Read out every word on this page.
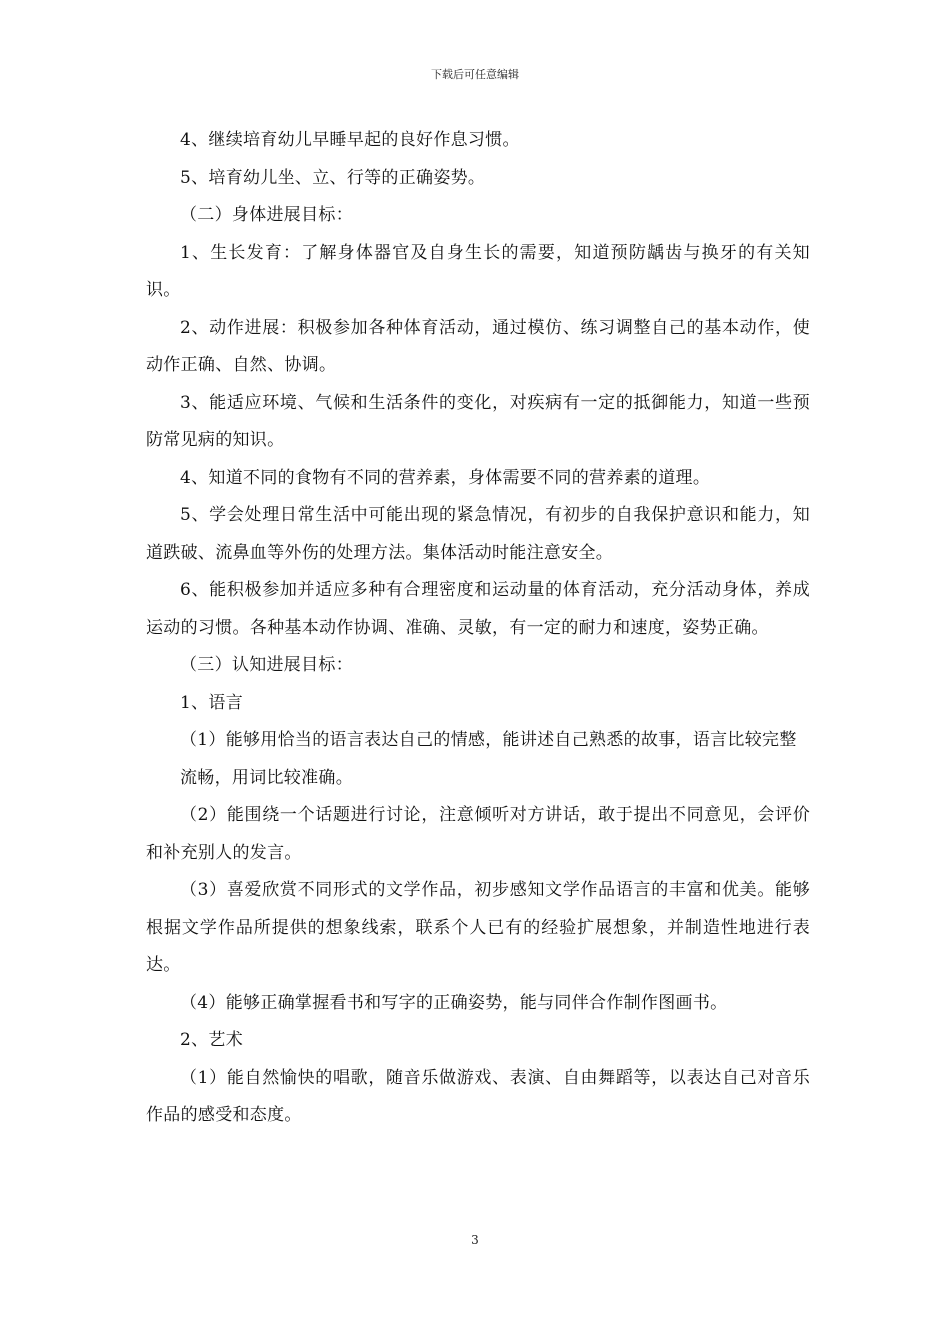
下载后可任意编辑

4、继续培育幼儿早睡早起的良好作息习惯。

5、培育幼儿坐、立、行等的正确姿势。

（二）身体进展目标：

1、生长发育：了解身体器官及自身生长的需要，知道预防龋齿与换牙的有关知识。

2、动作进展：积极参加各种体育活动，通过模仿、练习调整自己的基本动作，使动作正确、自然、协调。

3、能适应环境、气候和生活条件的变化，对疾病有一定的抵御能力，知道一些预防常见病的知识。

4、知道不同的食物有不同的营养素，身体需要不同的营养素的道理。

5、学会处理日常生活中可能出现的紧急情况，有初步的自我保护意识和能力，知道跌破、流鼻血等外伤的处理方法。集体活动时能注意安全。

6、能积极参加并适应多种有合理密度和运动量的体育活动，充分活动身体，养成运动的习惯。各种基本动作协调、准确、灵敏，有一定的耐力和速度，姿势正确。

（三）认知进展目标：

1、语言

（1）能够用恰当的语言表达自己的情感，能讲述自己熟悉的故事，语言比较完整

流畅，用词比较准确。

（2）能围绕一个话题进行讨论，注意倾听对方讲话，敢于提出不同意见，会评价和补充别人的发言。

（3）喜爱欣赏不同形式的文学作品，初步感知文学作品语言的丰富和优美。能够根据文学作品所提供的想象线索，联系个人已有的经验扩展想象，并制造性地进行表达。

（4）能够正确掌握看书和写字的正确姿势，能与同伴合作制作图画书。

2、艺术

（1）能自然愉快的唱歌，随音乐做游戏、表演、自由舞蹈等，以表达自己对音乐作品的感受和态度。

3
